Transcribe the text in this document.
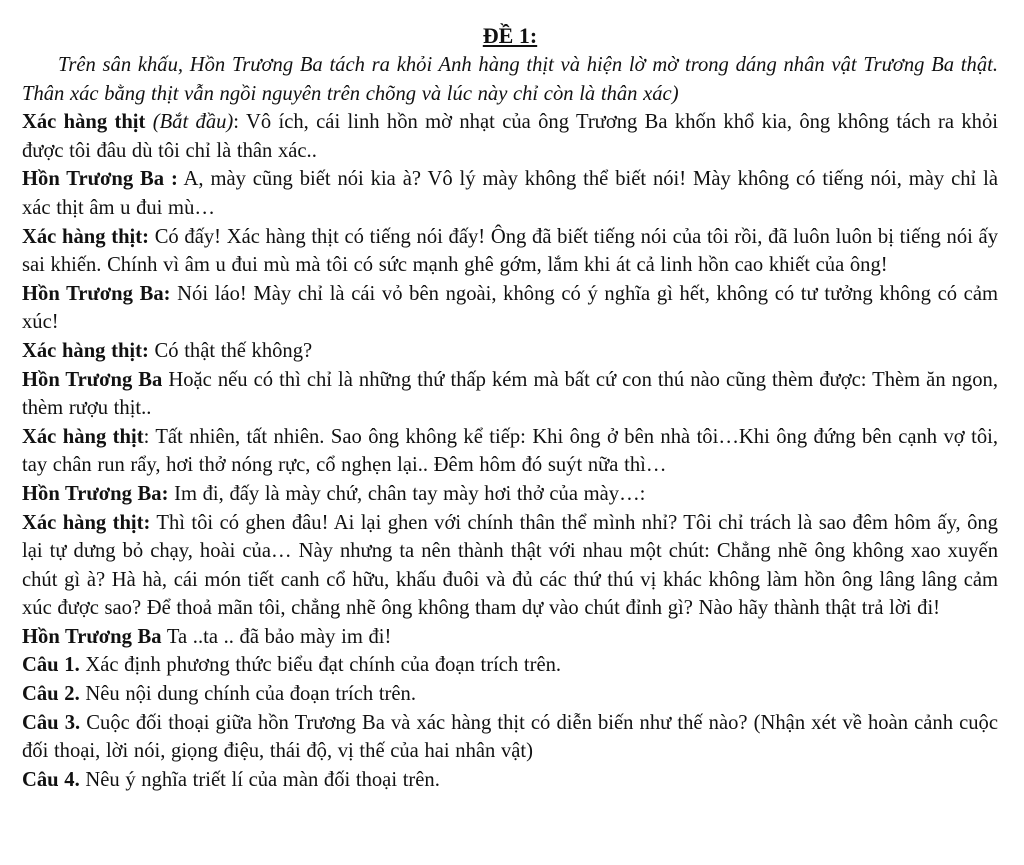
ĐỀ 1:

Trên sân khấu, Hồn Trương Ba tách ra khỏi Anh hàng thịt và hiện lờ mờ trong dáng nhân vật Trương Ba thật. Thân xác bằng thịt vẫn ngồi nguyên trên chõng và lúc này chỉ còn là thân xác)

Xác hàng thịt (Bắt đầu): Vô ích, cái linh hồn mờ nhạt của ông Trương Ba khốn khổ kia, ông không tách ra khỏi được tôi đâu dù tôi chỉ là thân xác..

Hồn Trương Ba : A, mày cũng biết nói kia à? Vô lý mày không thể biết nói! Mày không có tiếng nói, mày chỉ là xác thịt âm u đui mù…

Xác hàng thịt: Có đấy! Xác hàng thịt có tiếng nói đấy! Ông đã biết tiếng nói của tôi rồi, đã luôn luôn bị tiếng nói ấy sai khiến. Chính vì âm u đui mù mà tôi có sức mạnh ghê gớm, lắm khi át cả linh hồn cao khiết của ông!

Hồn Trương Ba: Nói láo! Mày chỉ là cái vỏ bên ngoài, không có ý nghĩa gì hết, không có tư tưởng không có cảm xúc!

Xác hàng thịt: Có thật thế không?

Hồn Trương Ba Hoặc nếu có thì chỉ là những thứ thấp kém mà bất cứ con thú nào cũng thèm được: Thèm ăn ngon, thèm rượu thịt..

Xác hàng thịt: Tất nhiên, tất nhiên. Sao ông không kể tiếp: Khi ông ở bên nhà tôi…Khi ông đứng bên cạnh vợ tôi, tay chân run rẩy, hơi thở nóng rực, cổ nghẹn lại.. Đêm hôm đó suýt nữa thì…

Hồn Trương Ba: Im đi, đấy là mày chứ, chân tay mày hơi thở của mày…:

Xác hàng thịt: Thì tôi có ghen đâu! Ai lại ghen với chính thân thể mình nhỉ? Tôi chỉ trách là sao đêm hôm ấy, ông lại tự dưng bỏ chạy, hoài của… Này nhưng ta nên thành thật với nhau một chút: Chẳng nhẽ ông không xao xuyến chút gì à? Hà hà, cái món tiết canh cổ hữu, khấu đuôi và đủ các thứ thú vị khác không làm hồn ông lâng lâng cảm xúc được sao? Để thoả mãn tôi, chẳng nhẽ ông không tham dự vào chút đỉnh gì? Nào hãy thành thật trả lời đi!

Hồn Trương Ba Ta ..ta .. đã bảo mày im đi!

Câu 1. Xác định phương thức biểu đạt chính của đoạn trích trên.

Câu 2. Nêu nội dung chính của đoạn trích trên.

Câu 3. Cuộc đối thoại giữa hồn Trương Ba và xác hàng thịt có diễn biến như thế nào? (Nhận xét về hoàn cảnh cuộc đối thoại, lời nói, giọng điệu, thái độ, vị thế của hai nhân vật)

Câu 4. Nêu ý nghĩa triết lí của màn đối thoại trên.
